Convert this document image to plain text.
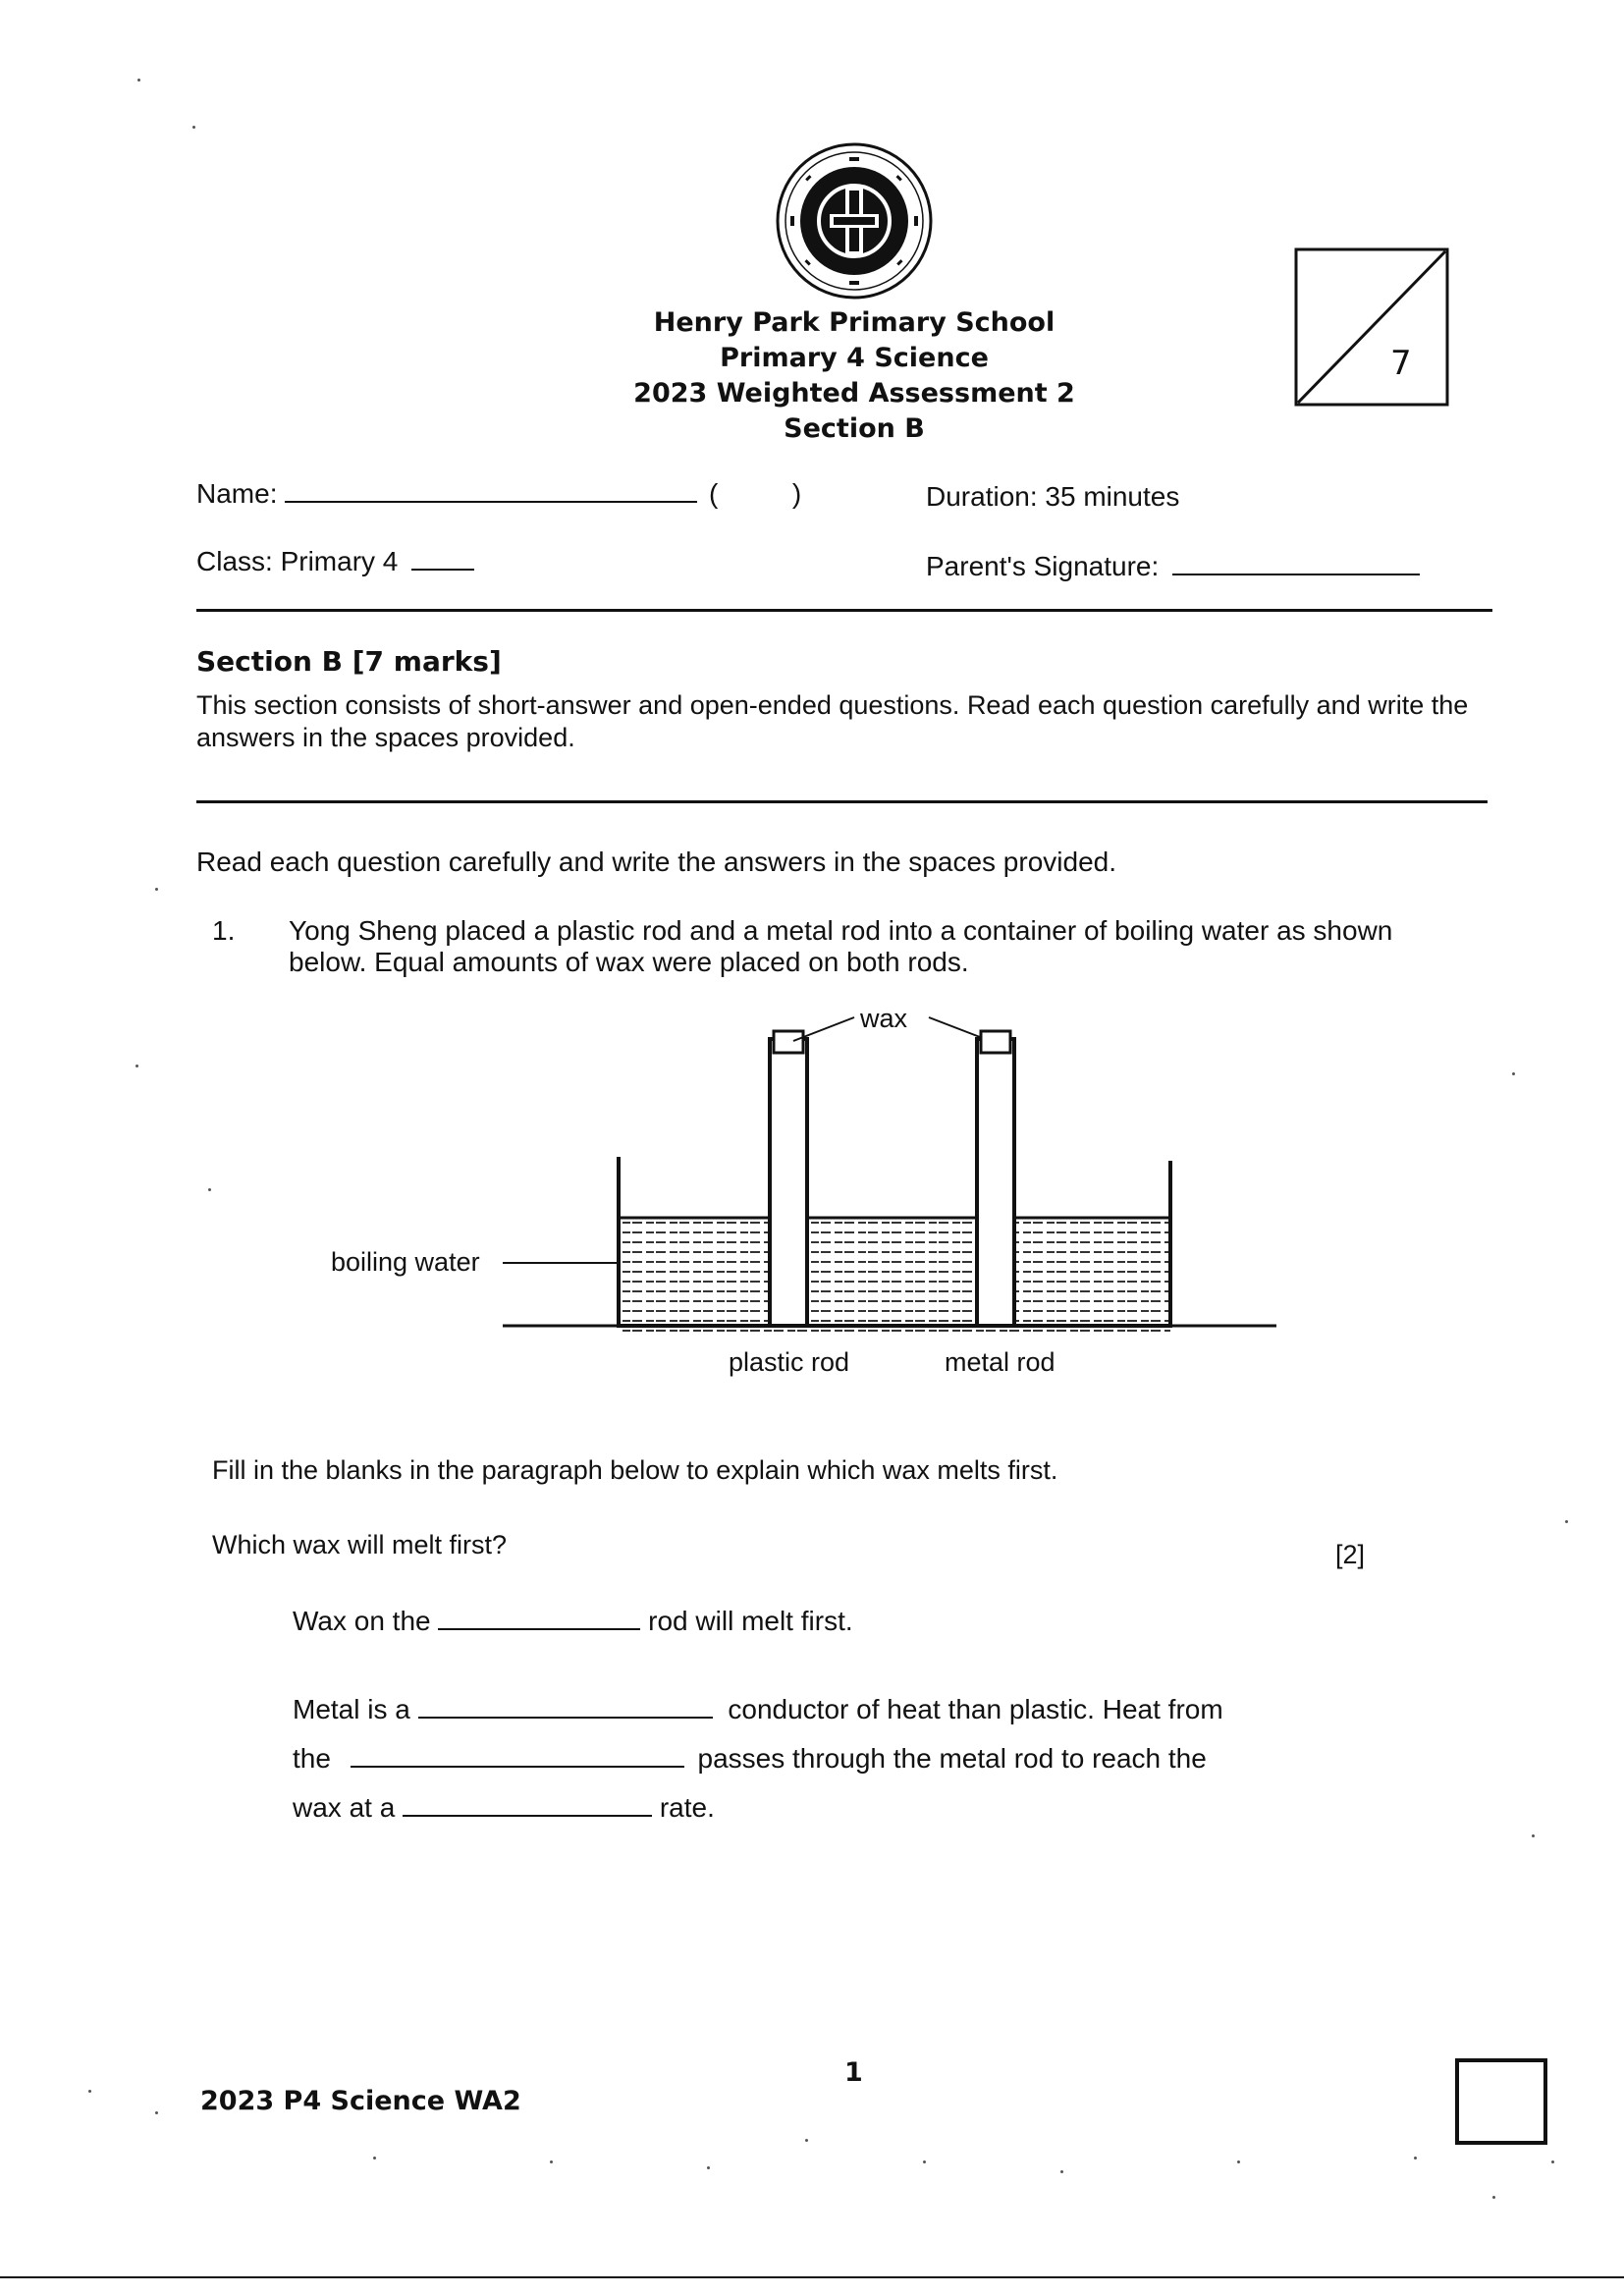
Henry Park Primary School
Primary 4 Science
2023 Weighted Assessment 2
Section B
7
Name:	(	)	Duration: 35 minutes
Class: Primary 4	Parent's Signature:
Section B [7 marks]
This section consists of short-answer and open-ended questions. Read each question carefully and write the answers in the spaces provided.
Read each question carefully and write the answers in the spaces provided.
1. Yong Sheng placed a plastic rod and a metal rod into a container of boiling water as shown below. Equal amounts of wax were placed on both rods.
wax
boiling water
plastic rod	metal rod
Fill in the blanks in the paragraph below to explain which wax melts first.
Which wax will melt first?	[2]
Wax on the	rod will melt first.
Metal is a	conductor of heat than plastic. Heat from
the	passes through the metal rod to reach the
wax at a	rate.
2023 P4 Science WA2
1
